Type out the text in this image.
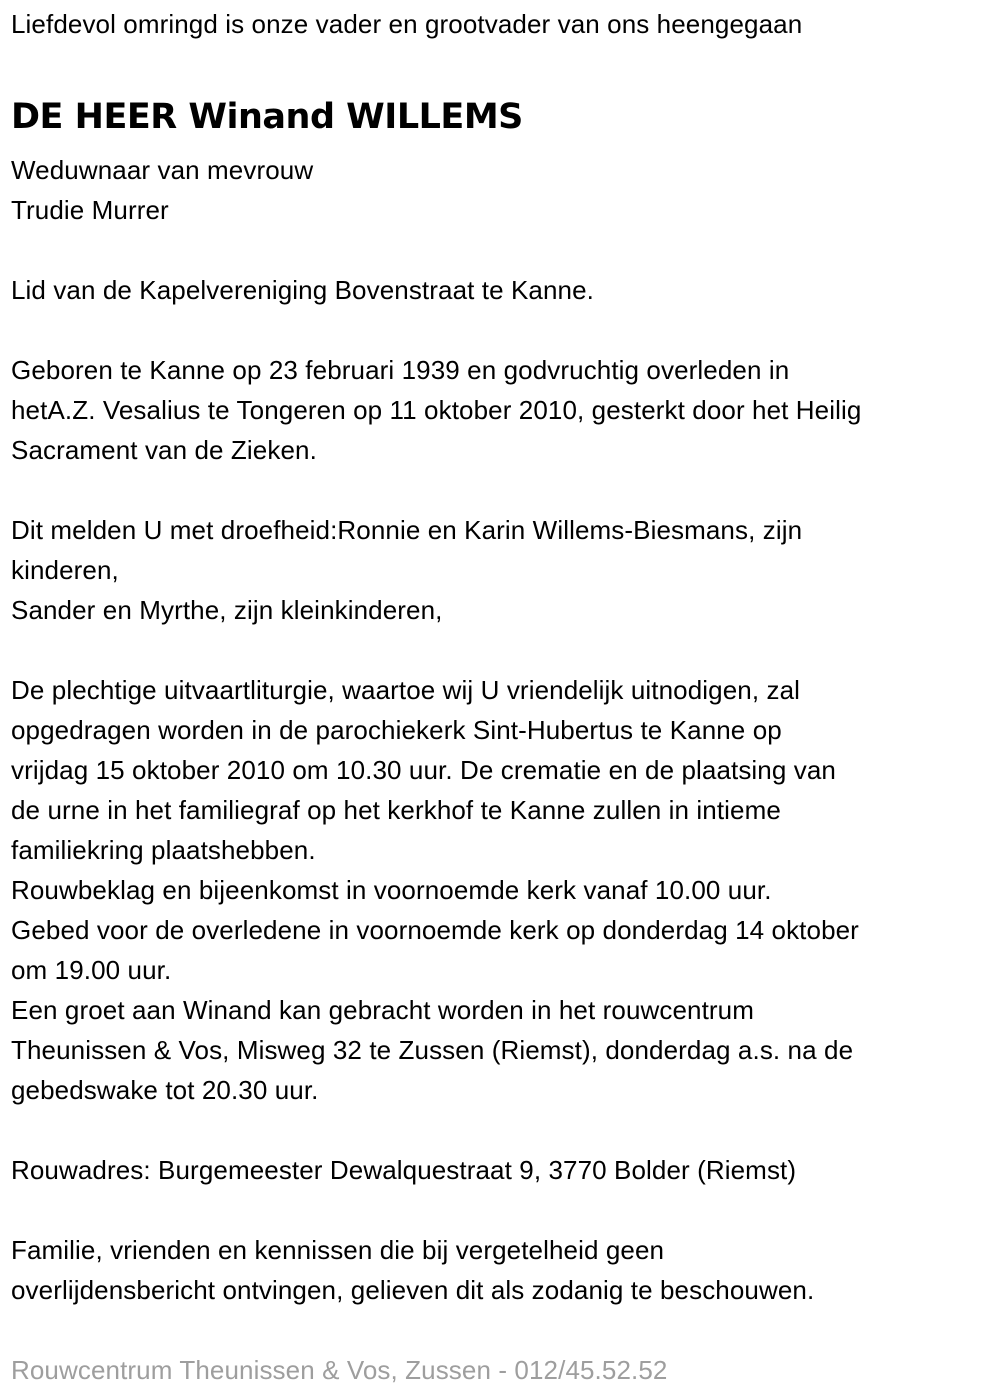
Liefdevol omringd is onze vader en grootvader van ons heengegaan
DE HEER Winand WILLEMS
Weduwnaar van mevrouw
Trudie Murrer
Lid van de Kapelvereniging Bovenstraat te Kanne.
Geboren te Kanne op 23 februari 1939 en godvruchtig overleden in
hetA.Z. Vesalius te Tongeren op 11 oktober 2010, gesterkt door het Heilig
Sacrament van de Zieken.
Dit melden U met droefheid:Ronnie en Karin Willems-Biesmans, zijn
kinderen,
Sander en Myrthe, zijn kleinkinderen,
De plechtige uitvaartliturgie, waartoe wij U vriendelijk uitnodigen, zal
opgedragen worden in de parochiekerk Sint-Hubertus te Kanne op
vrijdag 15 oktober 2010 om 10.30 uur. De crematie en de plaatsing van
de urne in het familiegraf op het kerkhof te Kanne zullen in intieme
familiekring plaatshebben.
Rouwbeklag en bijeenkomst in voornoemde kerk vanaf 10.00 uur.
Gebed voor de overledene in voornoemde kerk op donderdag 14 oktober
om 19.00 uur.
Een groet aan Winand kan gebracht worden in het rouwcentrum
Theunissen & Vos, Misweg 32 te Zussen (Riemst), donderdag a.s. na de
gebedswake tot 20.30 uur.
Rouwadres: Burgemeester Dewalquestraat 9, 3770 Bolder (Riemst)
Familie, vrienden en kennissen die bij vergetelheid geen
overlijdensbericht ontvingen, gelieven dit als zodanig te beschouwen.
Rouwcentrum Theunissen & Vos, Zussen - 012/45.52.52
